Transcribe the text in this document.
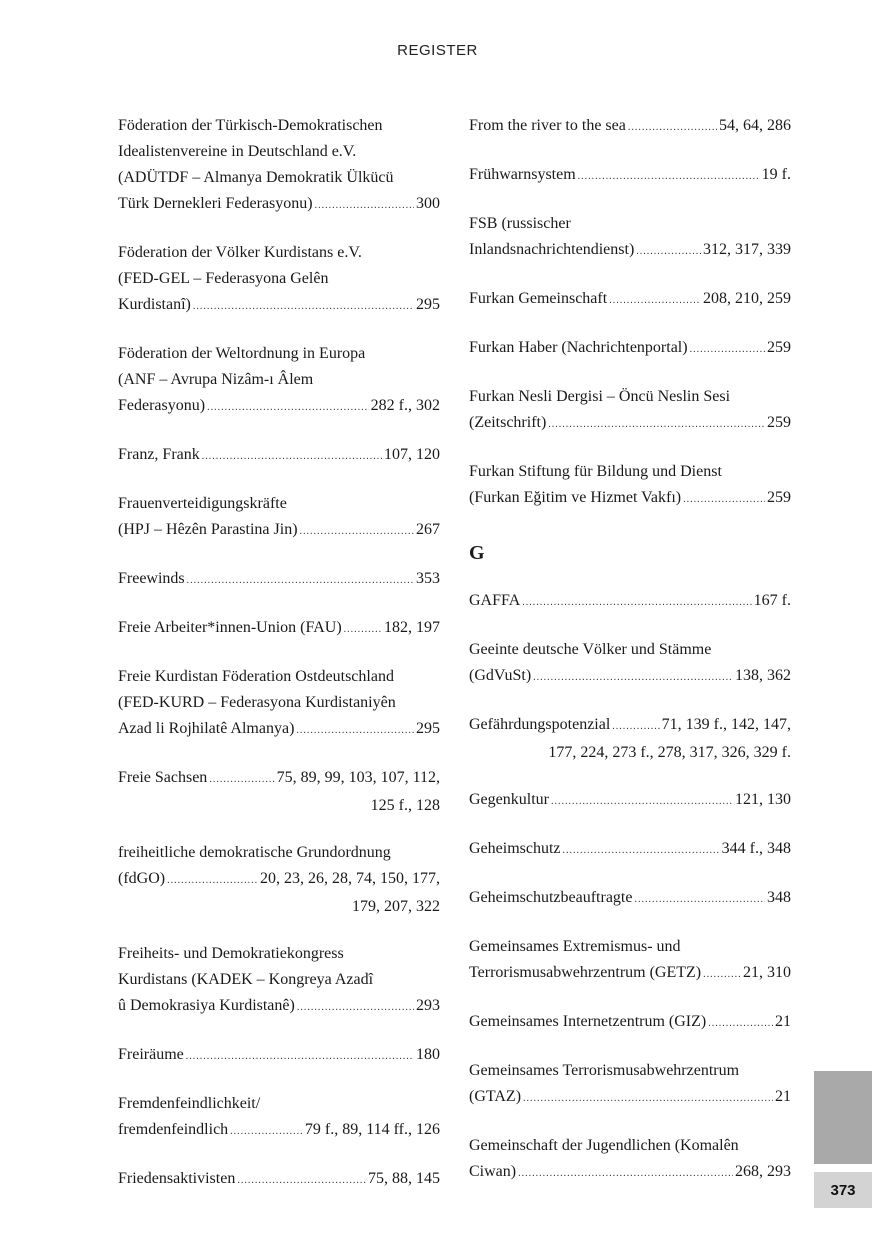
REGISTER
Föderation der Türkisch-Demokratischen
Idealistenvereine in Deutschland e.V.
(ADÜTDF – Almanya Demokratik Ülkücü
Türk Dernekleri Federasyonu) .....	300
Föderation der Völker Kurdistans e.V.
(FED-GEL – Federasyona Gelên
Kurdistanî) .....	295
Föderation der Weltordnung in Europa
(ANF – Avrupa Nizâm-ı Âlem
Federasyonu) .....	282 f., 302
Franz, Frank .....	107, 120
Frauenverteidigungskräfte
(HPJ – Hêzên Parastina Jin) .....	267
Freewinds .....	353
Freie Arbeiter*innen-Union (FAU) .....	182, 197
Freie Kurdistan Föderation Ostdeutschland
(FED-KURD – Federasyona Kurdistaniyên
Azad li Rojhilatê Almanya) .....	295
Freie Sachsen .....	75, 89, 99, 103, 107, 112,
125 f., 128
freiheitliche demokratische Grundordnung
(fdGO) .....	20, 23, 26, 28, 74, 150, 177,
179, 207, 322
Freiheits- und Demokratiekongress
Kurdistans (KADEK – Kongreya Azadî
û Demokrasiya Kurdistanê) .....	293
Freiräume .....	180
Fremdenfeindlichkeit/
fremdenfeindlich .....	79 f., 89, 114 ff., 126
Friedensaktivisten .....	75, 88, 145
From the river to the sea .....	54, 64, 286
Frühwarnsystem .....	19 f.
FSB (russischer
Inlandsnachrichtendienst) .....	312, 317, 339
Furkan Gemeinschaft .....	208, 210, 259
Furkan Haber (Nachrichtenportal) .....	259
Furkan Nesli Dergisi – Öncü Neslin Sesi
(Zeitschrift) .....	259
Furkan Stiftung für Bildung und Dienst
(Furkan Eğitim ve Hizmet Vakfı) .....	259
G
GAFFA .....	167 f.
Geeinte deutsche Völker und Stämme
(GdVuSt) .....	138, 362
Gefährdungspotenzial .....	71, 139 f., 142, 147,
177, 224, 273 f., 278, 317, 326, 329 f.
Gegenkultur .....	121, 130
Geheimschutz .....	344 f., 348
Geheimschutzbeauftragte .....	348
Gemeinsames Extremismus- und
Terrorismusabwehrzentrum (GETZ) .....	21, 310
Gemeinsames Internetzentrum (GIZ) .....	21
Gemeinsames Terrorismusabwehrzentrum
(GTAZ) .....	21
Gemeinschaft der Jugendlichen (Komalên
Ciwan) .....	268, 293
373
